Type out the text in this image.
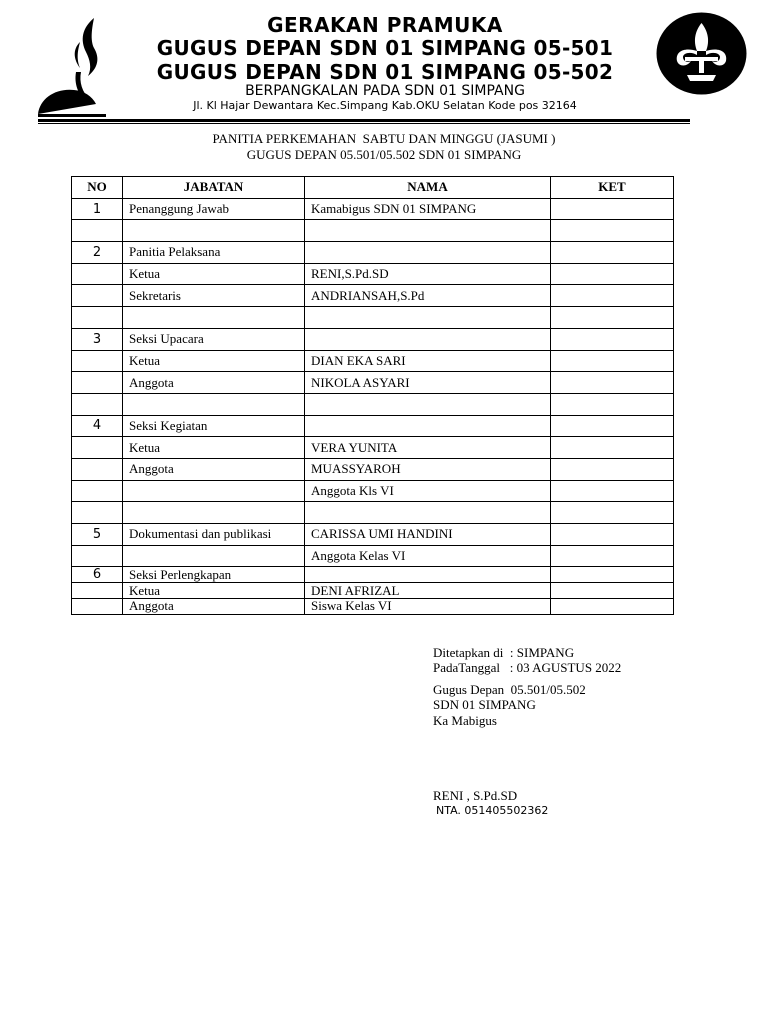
GERAKAN PRAMUKA
GUGUS DEPAN SDN 01 SIMPANG 05-501
GUGUS DEPAN SDN 01 SIMPANG 05-502
BERPANGKALAN PADA SDN 01 SIMPANG
Jl. Kl Hajar Dewantara Kec.Simpang Kab.OKU Selatan Kode pos 32164
PANITIA PERKEMAHAN  SABTU DAN MINGGU (JASUMI )
GUGUS DEPAN 05.501/05.502 SDN 01 SIMPANG
NO	JABATAN	NAMA	KET
1	Penanggung Jawab	Kamabigus SDN 01 SIMPANG	

2	Panitia Pelaksana		
	Ketua	RENI,S.Pd.SD	
	Sekretaris	ANDRIANSAH,S.Pd	

3	Seksi Upacara		
	Ketua	DIAN EKA SARI	
	Anggota	NIKOLA ASYARI	

4	Seksi Kegiatan		
	Ketua	VERA YUNITA	
	Anggota	MUASSYAROH	
		Anggota Kls VI	

5	Dokumentasi dan publikasi	CARISSA UMI HANDINI	
		Anggota Kelas VI	
6	Seksi Perlengkapan		
	Ketua	DENI AFRIZAL	
	Anggota	Siswa Kelas VI	
Ditetapkan di  : SIMPANG
PadaTanggal   : 03 AGUSTUS 2022
Gugus Depan  05.501/05.502
SDN 01 SIMPANG
Ka Mabigus
RENI , S.Pd.SD
NTA. 051405502362
